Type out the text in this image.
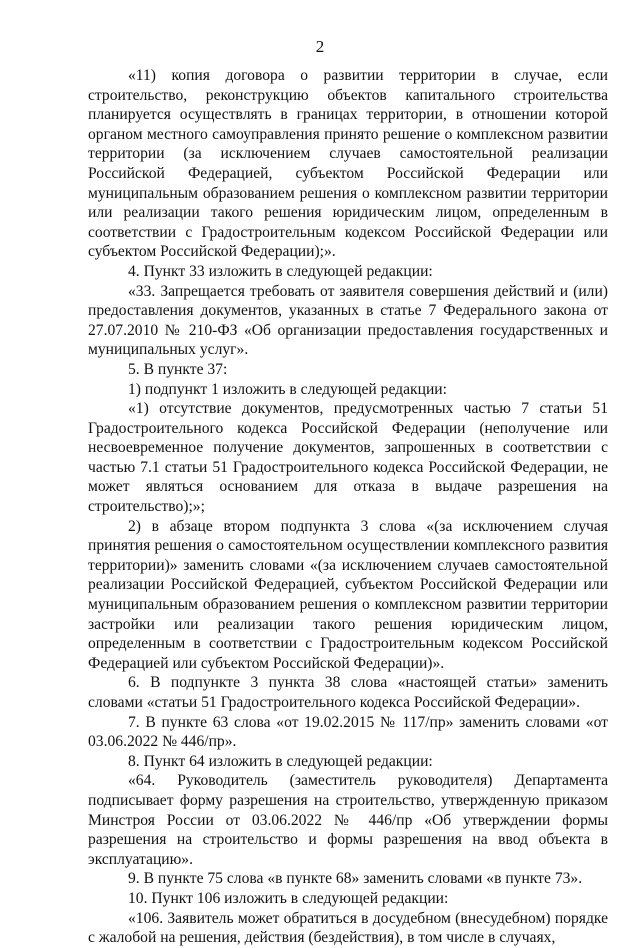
2

«11) копия договора о развитии территории в случае, если строительство, реконструкцию объектов капитального строительства планируется осуществлять в границах территории, в отношении которой органом местного самоуправления принято решение о комплексном развитии территории (за исключением случаев самостоятельной реализации Российской Федерацией, субъектом Российской Федерации или муниципальным образованием решения о комплексном развитии территории или реализации такого решения юридическим лицом, определенным в соответствии с Градостроительным кодексом Российской Федерации или субъектом Российской Федерации);».

4. Пункт 33 изложить в следующей редакции:

«33. Запрещается требовать от заявителя совершения действий и (или) предоставления документов, указанных в статье 7 Федерального закона от 27.07.2010 № 210-ФЗ «Об организации предоставления государственных и муниципальных услуг».

5. В пункте 37:

1) подпункт 1 изложить в следующей редакции:

«1) отсутствие документов, предусмотренных частью 7 статьи 51 Градостроительного кодекса Российской Федерации (неполучение или несвоевременное получение документов, запрошенных в соответствии с частью 7.1 статьи 51 Градостроительного кодекса Российской Федерации, не может являться основанием для отказа в выдаче разрешения на строительство);»;

2) в абзаце втором подпункта 3 слова «(за исключением случая принятия решения о самостоятельном осуществлении комплексного развития территории)» заменить словами «(за исключением случаев самостоятельной реализации Российской Федерацией, субъектом Российской Федерации или муниципальным образованием решения о комплексном развитии территории застройки или реализации такого решения юридическим лицом, определенным в соответствии с Градостроительным кодексом Российской Федерацией или субъектом Российской Федерации)».

6. В подпункте 3 пункта 38 слова «настоящей статьи» заменить словами «статьи 51 Градостроительного кодекса Российской Федерации».

7. В пункте 63 слова «от 19.02.2015 № 117/пр» заменить словами «от 03.06.2022 № 446/пр».

8. Пункт 64 изложить в следующей редакции:

«64. Руководитель (заместитель руководителя) Департамента подписывает форму разрешения на строительство, утвержденную приказом Минстроя России от 03.06.2022 № 446/пр «Об утверждении формы разрешения на строительство и формы разрешения на ввод объекта в эксплуатацию».

9. В пункте 75 слова «в пункте 68» заменить словами «в пункте 73».

10. Пункт 106 изложить в следующей редакции:

«106. Заявитель может обратиться в досудебном (внесудебном) порядке с жалобой на решения, действия (бездействия), в том числе в случаях,
